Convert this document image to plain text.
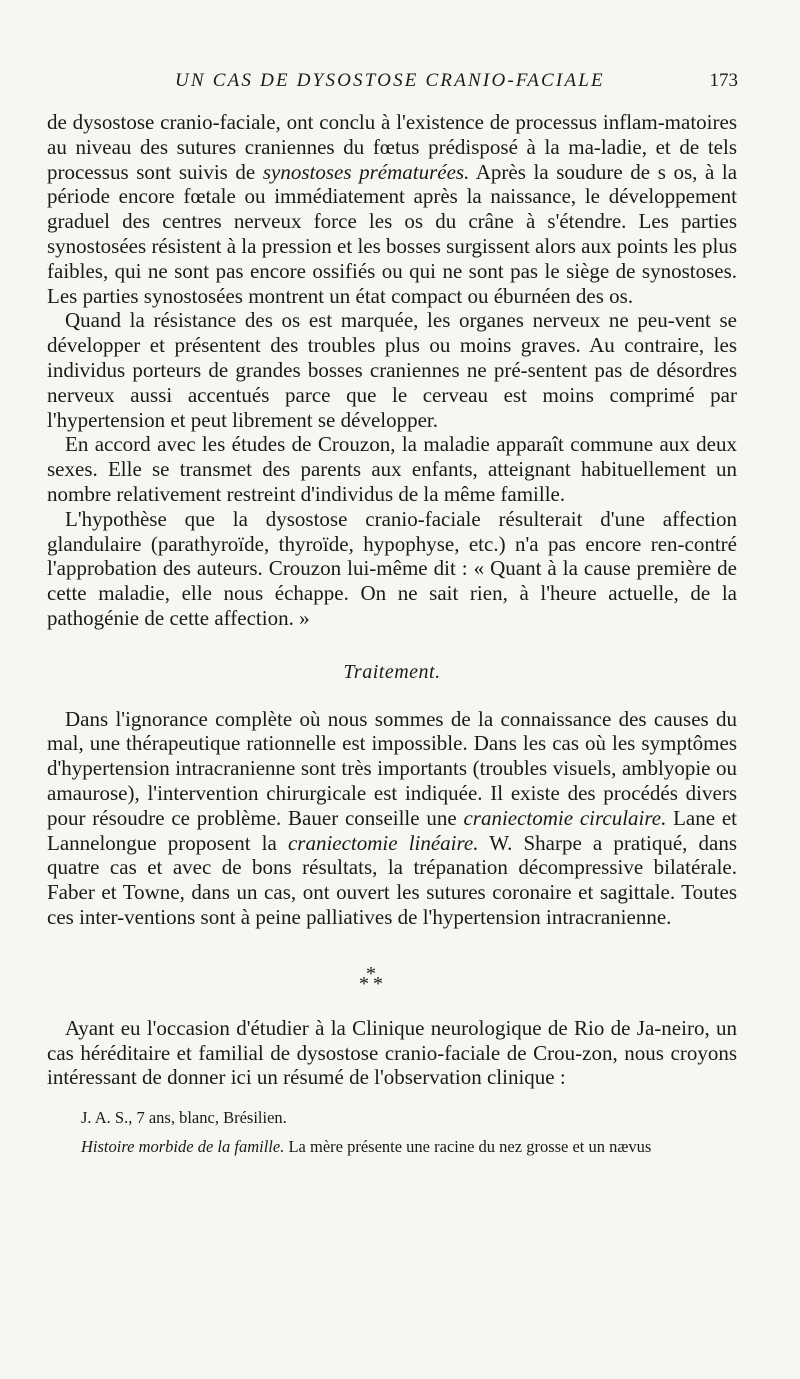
UN CAS DE DYSOSTOSE CRANIO-FACIALE	173

de dysostose cranio-faciale, ont conclu à l'existence de processus inflam-matoires au niveau des sutures craniennes du fœtus prédisposé à la ma-ladie, et de tels processus sont suivis de synostoses prématurées. Après la soudure de s os, à la période encore fœtale ou immédiatement après la naissance, le développement graduel des centres nerveux force les os du crâne à s'étendre. Les parties synostosées résistent à la pression et les bosses surgissent alors aux points les plus faibles, qui ne sont pas encore ossifiés ou qui ne sont pas le siège de synostoses. Les parties synostosées montrent un état compact ou éburnéen des os.

Quand la résistance des os est marquée, les organes nerveux ne peu-vent se développer et présentent des troubles plus ou moins graves. Au contraire, les individus porteurs de grandes bosses craniennes ne pré-sentent pas de désordres nerveux aussi accentués parce que le cerveau est moins comprimé par l'hypertension et peut librement se développer.

En accord avec les études de Crouzon, la maladie apparaît commune aux deux sexes. Elle se transmet des parents aux enfants, atteignant habituellement un nombre relativement restreint d'individus de la même famille.

L'hypothèse que la dysostose cranio-faciale résulterait d'une affection glandulaire (parathyroïde, thyroïde, hypophyse, etc.) n'a pas encore ren-contré l'approbation des auteurs. Crouzon lui-même dit : « Quant à la cause première de cette maladie, elle nous échappe. On ne sait rien, à l'heure actuelle, de la pathogénie de cette affection. »

Traitement.

Dans l'ignorance complète où nous sommes de la connaissance des causes du mal, une thérapeutique rationnelle est impossible. Dans les cas où les symptômes d'hypertension intracranienne sont très importants (troubles visuels, amblyopie ou amaurose), l'intervention chirurgicale est indiquée. Il existe des procédés divers pour résoudre ce problème. Bauer conseille une craniectomie circulaire. Lane et Lannelongue proposent la craniectomie linéaire. W. Sharpe a pratiqué, dans quatre cas et avec de bons résultats, la trépanation décompressive bilatérale. Faber et Towne, dans un cas, ont ouvert les sutures coronaire et sagittale. Toutes ces inter-ventions sont à peine palliatives de l'hypertension intracranienne.

*
* *

Ayant eu l'occasion d'étudier à la Clinique neurologique de Rio de Ja-neiro, un cas héréditaire et familial de dysostose cranio-faciale de Crou-zon, nous croyons intéressant de donner ici un résumé de l'observation clinique :

J. A. S., 7 ans, blanc, Brésilien.

Histoire morbide de la famille. La mère présente une racine du nez grosse et un nævus
